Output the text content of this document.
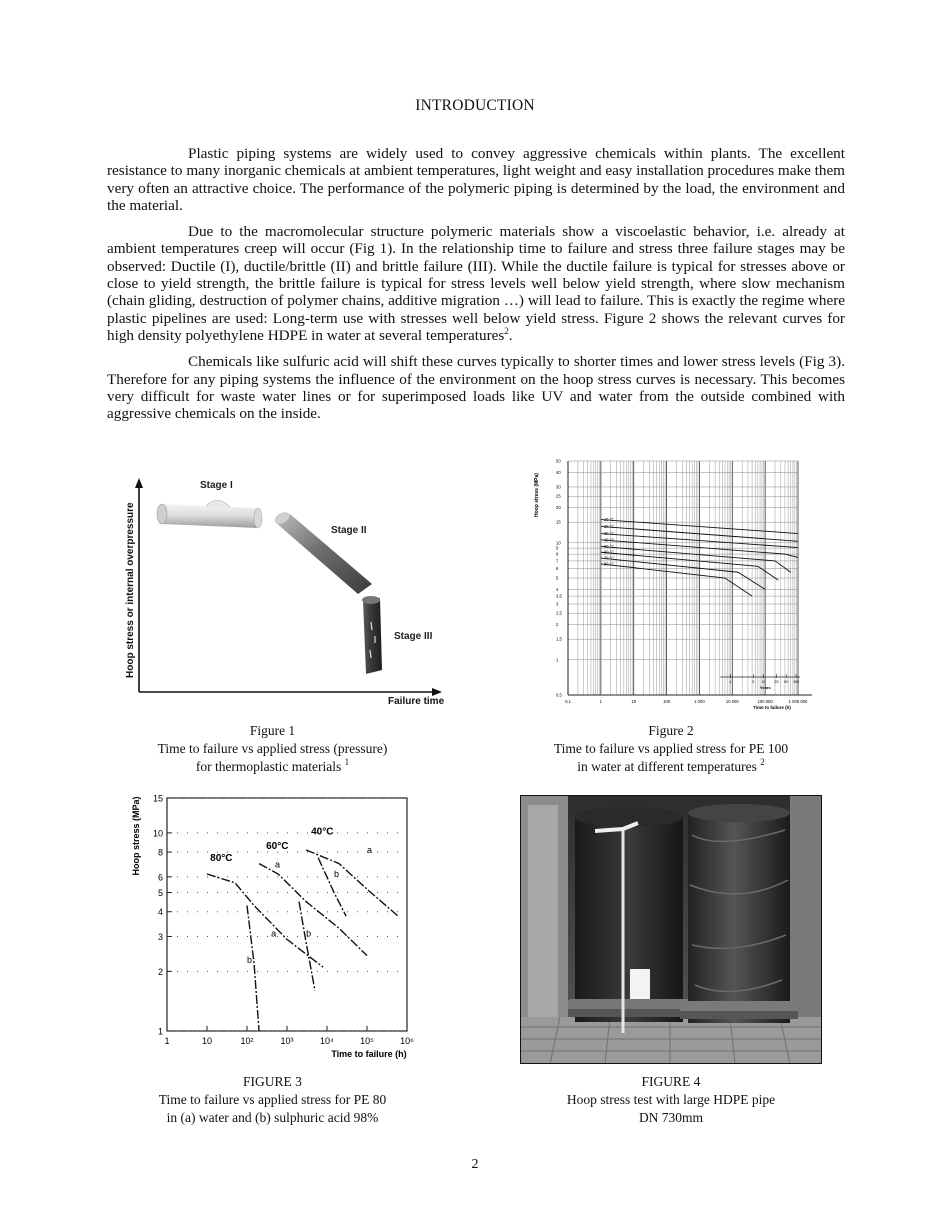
INTRODUCTION

Plastic piping systems are widely used to convey aggressive chemicals within plants. The excellent resistance to many inorganic chemicals at ambient temperatures, light weight and easy installation procedures make them very often an attractive choice. The performance of the polymeric piping is determined by the load, the environment and the material.

Due to the macromolecular structure polymeric materials show a viscoelastic behavior, i.e. already at ambient temperatures creep will occur (Fig 1). In the relationship time to failure and stress three failure stages may be observed: Ductile (I), ductile/brittle (II) and brittle failure (III). While the ductile failure is typical for stresses above or close to yield strength, the brittle failure is typical for stress levels well below yield strength, where slow mechanism (chain gliding, destruction of polymer chains, additive migration …) will lead to failure. This is exactly the regime where plastic pipelines are used: Long-term use with stresses well below yield stress. Figure 2 shows the relevant curves for high density polyethylene HDPE in water at several temperatures$^2$.

Chemicals like sulfuric acid will shift these curves typically to shorter times and lower stress levels (Fig 3). Therefore for any piping systems the influence of the environment on the hoop stress curves is necessary. This becomes very difficult for waste water lines or for superimposed loads like UV and water from the outside combined with aggressive chemicals on the inside.

Hoop stress or internal overpressure
Failure time
Stage I
Stage II
Stage III
Figure 1
Time to failure vs applied stress (pressure)
for thermoplastic materials $^1$
Hoop stress (MPa)
Time to failure (h)
0,5
1
1,5
2
2,5
3
3,5
4
5
6
7
8
9
10
15
20
25
30
40
50
0,1	1	10	100	1 000	10 000	100 000	1 000 000
10 °C
20 °C
30 °C
40 °C
50 °C
60 °C
70 °C
80 °C
1	5 10 25 50 100
Years
Figure 2
Time to failure vs applied stress for PE 100
in water at different temperatures $^2$
Hoop stress (MPa)
Time to failure (h)
1
2
3
4
5
6
8
10
15
1	10	10²	10³	10⁴	10⁵	10⁶
80°C
60°C
40°C
a
b
a	b
a
b
FIGURE 3
Time to failure vs applied stress for PE 80
in (a) water and (b) sulphuric acid 98%
FIGURE 4
Hoop stress test with large HDPE pipe
DN 730mm
2
